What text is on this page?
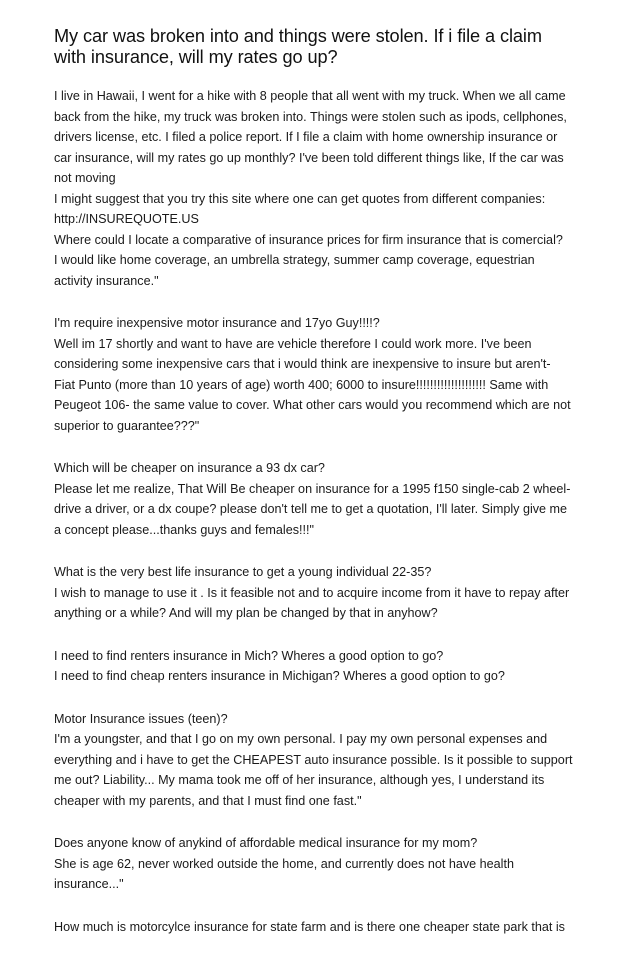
My car was broken into and things were stolen. If i file a claim
with insurance, will my rates go up?
I live in Hawaii, I went for a hike with 8 people that all went with my truck. When we all came
back from the hike, my truck was broken into. Things were stolen such as ipods, cellphones,
drivers license, etc. I filed a police report. If I file a claim with home ownership insurance or
car insurance, will my rates go up monthly? I've been told different things like, If the car was
not moving
I might suggest that you try this site where one can get quotes from different companies:
http://INSUREQUOTE.US
Where could I locate a comparative of insurance prices for firm insurance that is comercial?
I would like home coverage, an umbrella strategy, summer camp coverage, equestrian
activity insurance."
I'm require inexpensive motor insurance and 17yo Guy!!!!?
Well im 17 shortly and want to have are vehicle therefore I could work more. I've been
considering some inexpensive cars that i would think are inexpensive to insure but aren't-
Fiat Punto (more than 10 years of age) worth 400; 6000 to insure!!!!!!!!!!!!!!!!!!!! Same with
Peugeot 106- the same value to cover. What other cars would you recommend which are not
superior to guarantee???"
Which will be cheaper on insurance a 93 dx car?
Please let me realize, That Will Be cheaper on insurance for a 1995 f150 single-cab 2 wheel-
drive a driver, or a dx coupe? please don't tell me to get a quotation, I'll later. Simply give me
a concept please...thanks guys and females!!!"
What is the very best life insurance to get a young individual 22-35?
I wish to manage to use it . Is it feasible not and to acquire income from it have to repay after
anything or a while? And will my plan be changed by that in anyhow?
I need to find renters insurance in Mich? Wheres a good option to go?
I need to find cheap renters insurance in Michigan? Wheres a good option to go?
Motor Insurance issues (teen)?
I'm a youngster, and that I go on my own personal. I pay my own personal expenses and
everything and i have to get the CHEAPEST auto insurance possible. Is it possible to support
me out? Liability... My mama took me off of her insurance, although yes, I understand its
cheaper with my parents, and that I must find one fast."
Does anyone know of anykind of affordable medical insurance for my mom?
She is age 62, never worked outside the home, and currently does not have health
insurance..."
How much is motorcylce insurance for state farm and is there one cheaper state park that is
